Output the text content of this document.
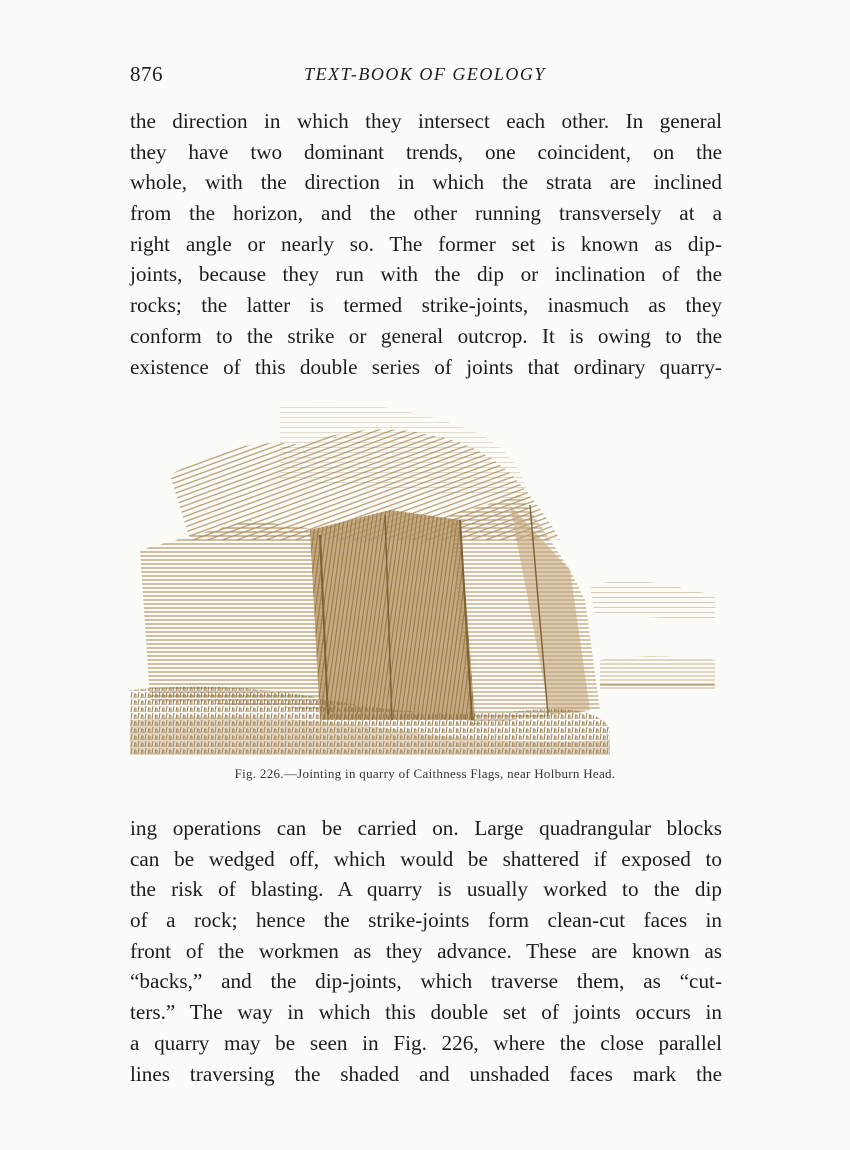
876	TEXT-BOOK OF GEOLOGY
the direction in which they intersect each other. In general
they have two dominant trends, one coincident, on the
whole, with the direction in which the strata are inclined
from the horizon, and the other running transversely at a
right angle or nearly so. The former set is known as dip-
joints, because they run with the dip or inclination of the
rocks; the latter is termed strike-joints, inasmuch as they
conform to the strike or general outcrop. It is owing to the
existence of this double series of joints that ordinary quarry-
Fig. 226.—Jointing in quarry of Caithness Flags, near Holburn Head.
ing operations can be carried on. Large quadrangular blocks
can be wedged off, which would be shattered if exposed to
the risk of blasting. A quarry is usually worked to the dip
of a rock; hence the strike-joints form clean-cut faces in
front of the workmen as they advance. These are known as
“backs,” and the dip-joints, which traverse them, as “cut-
ters.” The way in which this double set of joints occurs in
a quarry may be seen in Fig. 226, where the close parallel
lines traversing the shaded and unshaded faces mark the
